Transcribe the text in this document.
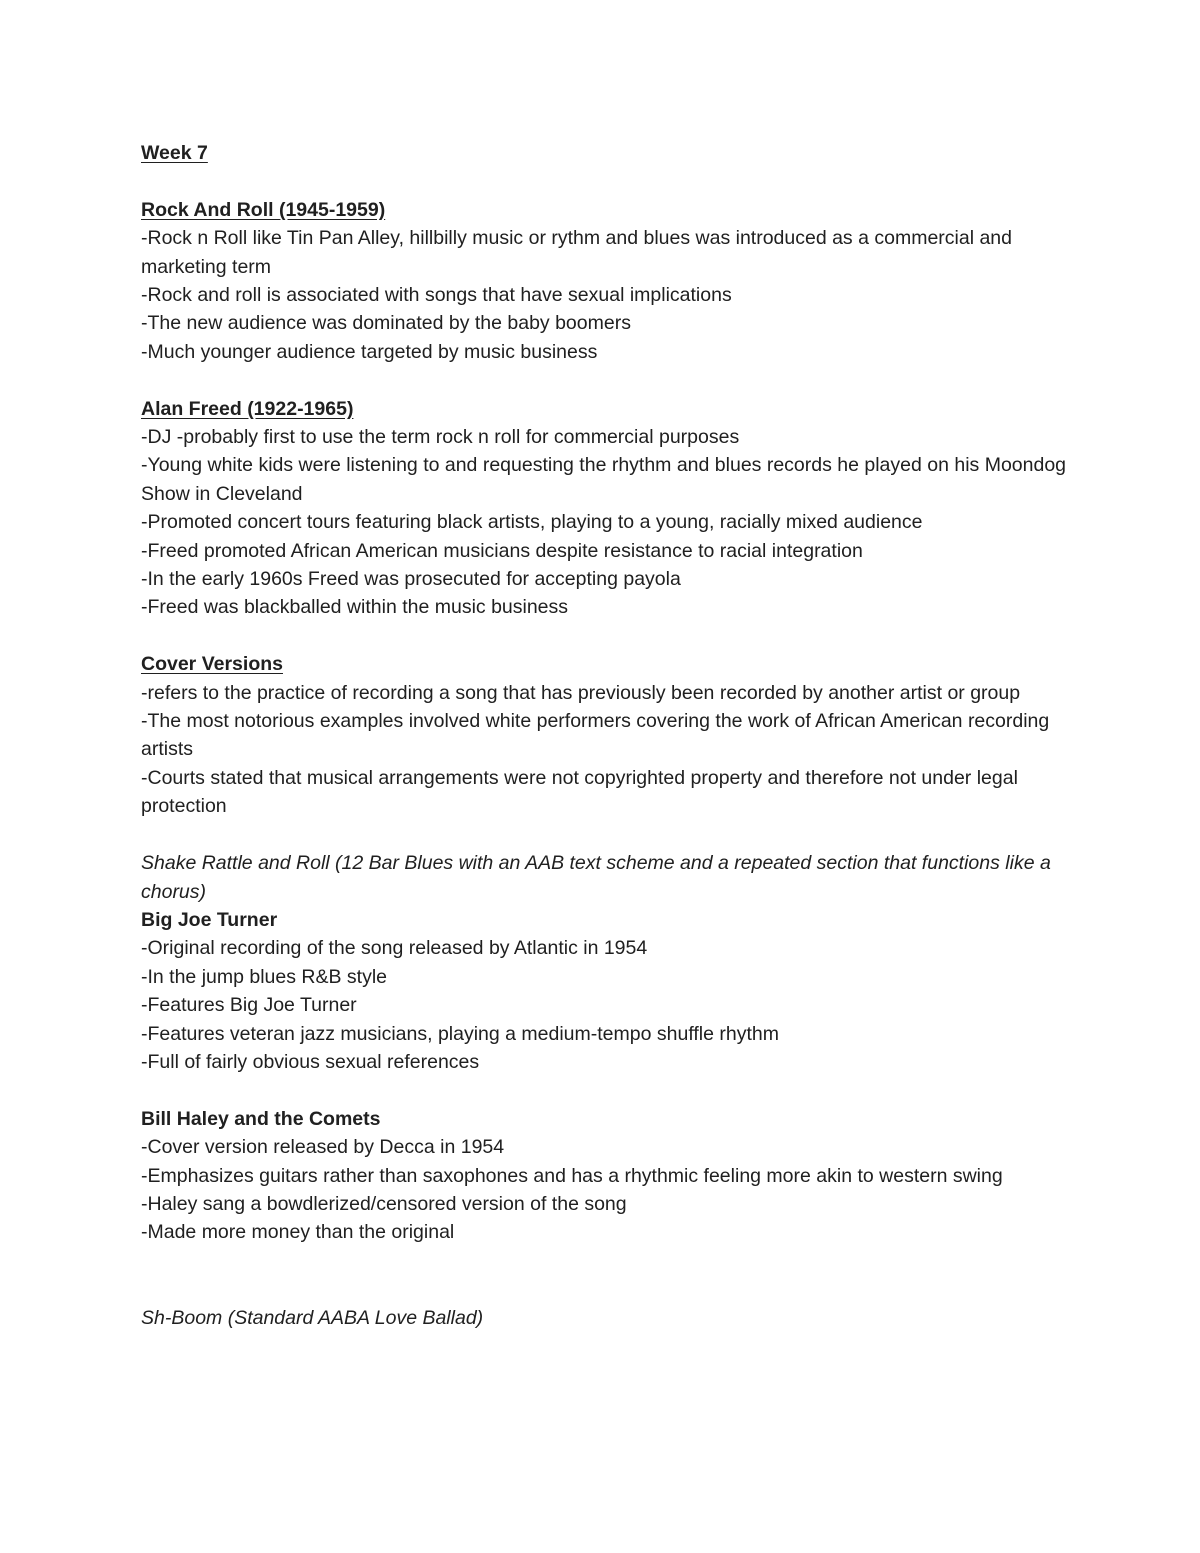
Week 7
Rock And Roll (1945-1959)
-Rock n Roll like Tin Pan Alley, hillbilly music or rythm and blues was introduced as a commercial and marketing term
-Rock and roll is associated with songs that have sexual implications
-The new audience was dominated by the baby boomers
-Much younger audience targeted by music business
Alan Freed (1922-1965)
-DJ -probably first to use the term rock n roll for commercial purposes
-Young white kids were listening to and requesting the rhythm and blues records he played on his Moondog Show in Cleveland
-Promoted concert tours featuring black artists, playing to a young, racially mixed audience
-Freed promoted African American musicians despite resistance to racial integration
-In the early 1960s Freed was prosecuted for accepting payola
-Freed was blackballed within the music business
Cover Versions
-refers to the practice of recording a song that has previously been recorded by another artist or group
-The most notorious examples involved white performers covering the work of African American recording artists
-Courts stated that musical arrangements were not copyrighted property and therefore not under legal protection
Shake Rattle and Roll (12 Bar Blues with an AAB text scheme and a repeated section that functions like a chorus)
Big Joe Turner
-Original recording of the song released by Atlantic in 1954
-In the jump blues R&B style
-Features Big Joe Turner
-Features veteran jazz musicians, playing a medium-tempo shuffle rhythm
-Full of fairly obvious sexual references
Bill Haley and the Comets
-Cover version released by Decca in 1954
-Emphasizes guitars rather than saxophones and has a rhythmic feeling more akin to western swing
-Haley sang a bowdlerized/censored version of the song
-Made more money than the original
Sh-Boom (Standard AABA Love Ballad)
